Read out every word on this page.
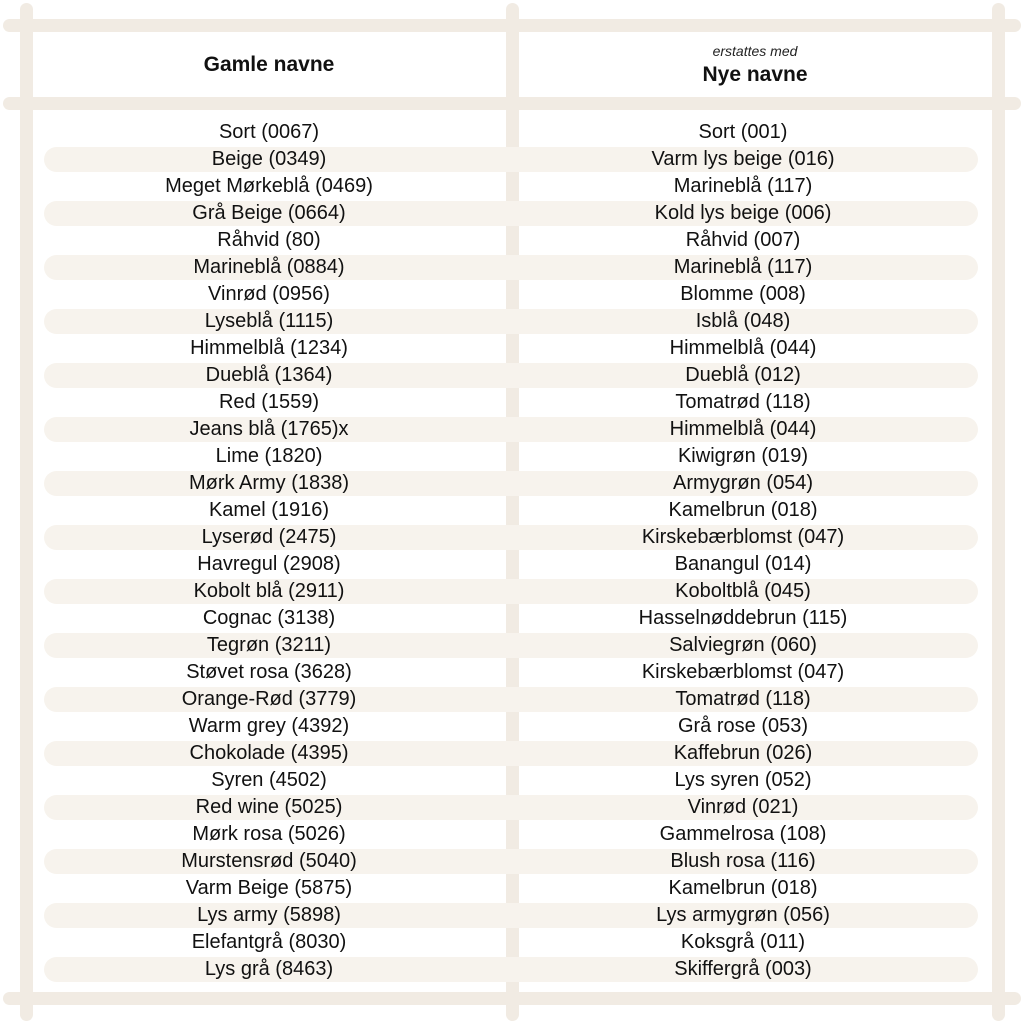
Gamle navne
erstattes med
Nye navne
Sort (0067)	Sort (001)
Beige (0349)	Varm lys beige (016)
Meget Mørkeblå (0469)	Marineblå (117)
Grå Beige (0664)	Kold lys beige (006)
Råhvid (80)	Råhvid (007)
Marineblå (0884)	Marineblå (117)
Vinrød (0956)	Blomme (008)
Lyseblå (1115)	Isblå (048)
Himmelblå (1234)	Himmelblå (044)
Dueblå (1364)	Dueblå (012)
Red (1559)	Tomatrød (118)
Jeans blå (1765)x	Himmelblå (044)
Lime (1820)	Kiwigrøn (019)
Mørk Army (1838)	Armygrøn (054)
Kamel (1916)	Kamelbrun (018)
Lyserød (2475)	Kirskebærblomst (047)
Havregul (2908)	Banangul (014)
Kobolt blå (2911)	Koboltblå (045)
Cognac (3138)	Hasselnøddebrun (115)
Tegrøn (3211)	Salviegrøn (060)
Støvet rosa (3628)	Kirskebærblomst (047)
Orange-Rød (3779)	Tomatrød (118)
Warm grey (4392)	Grå rose (053)
Chokolade (4395)	Kaffebrun (026)
Syren (4502)	Lys syren (052)
Red wine (5025)	Vinrød (021)
Mørk rosa (5026)	Gammelrosa (108)
Murstensrød (5040)	Blush rosa (116)
Varm Beige (5875)	Kamelbrun (018)
Lys army (5898)	Lys armygrøn (056)
Elefantgrå (8030)	Koksgrå (011)
Lys grå (8463)	Skiffergrå (003)
